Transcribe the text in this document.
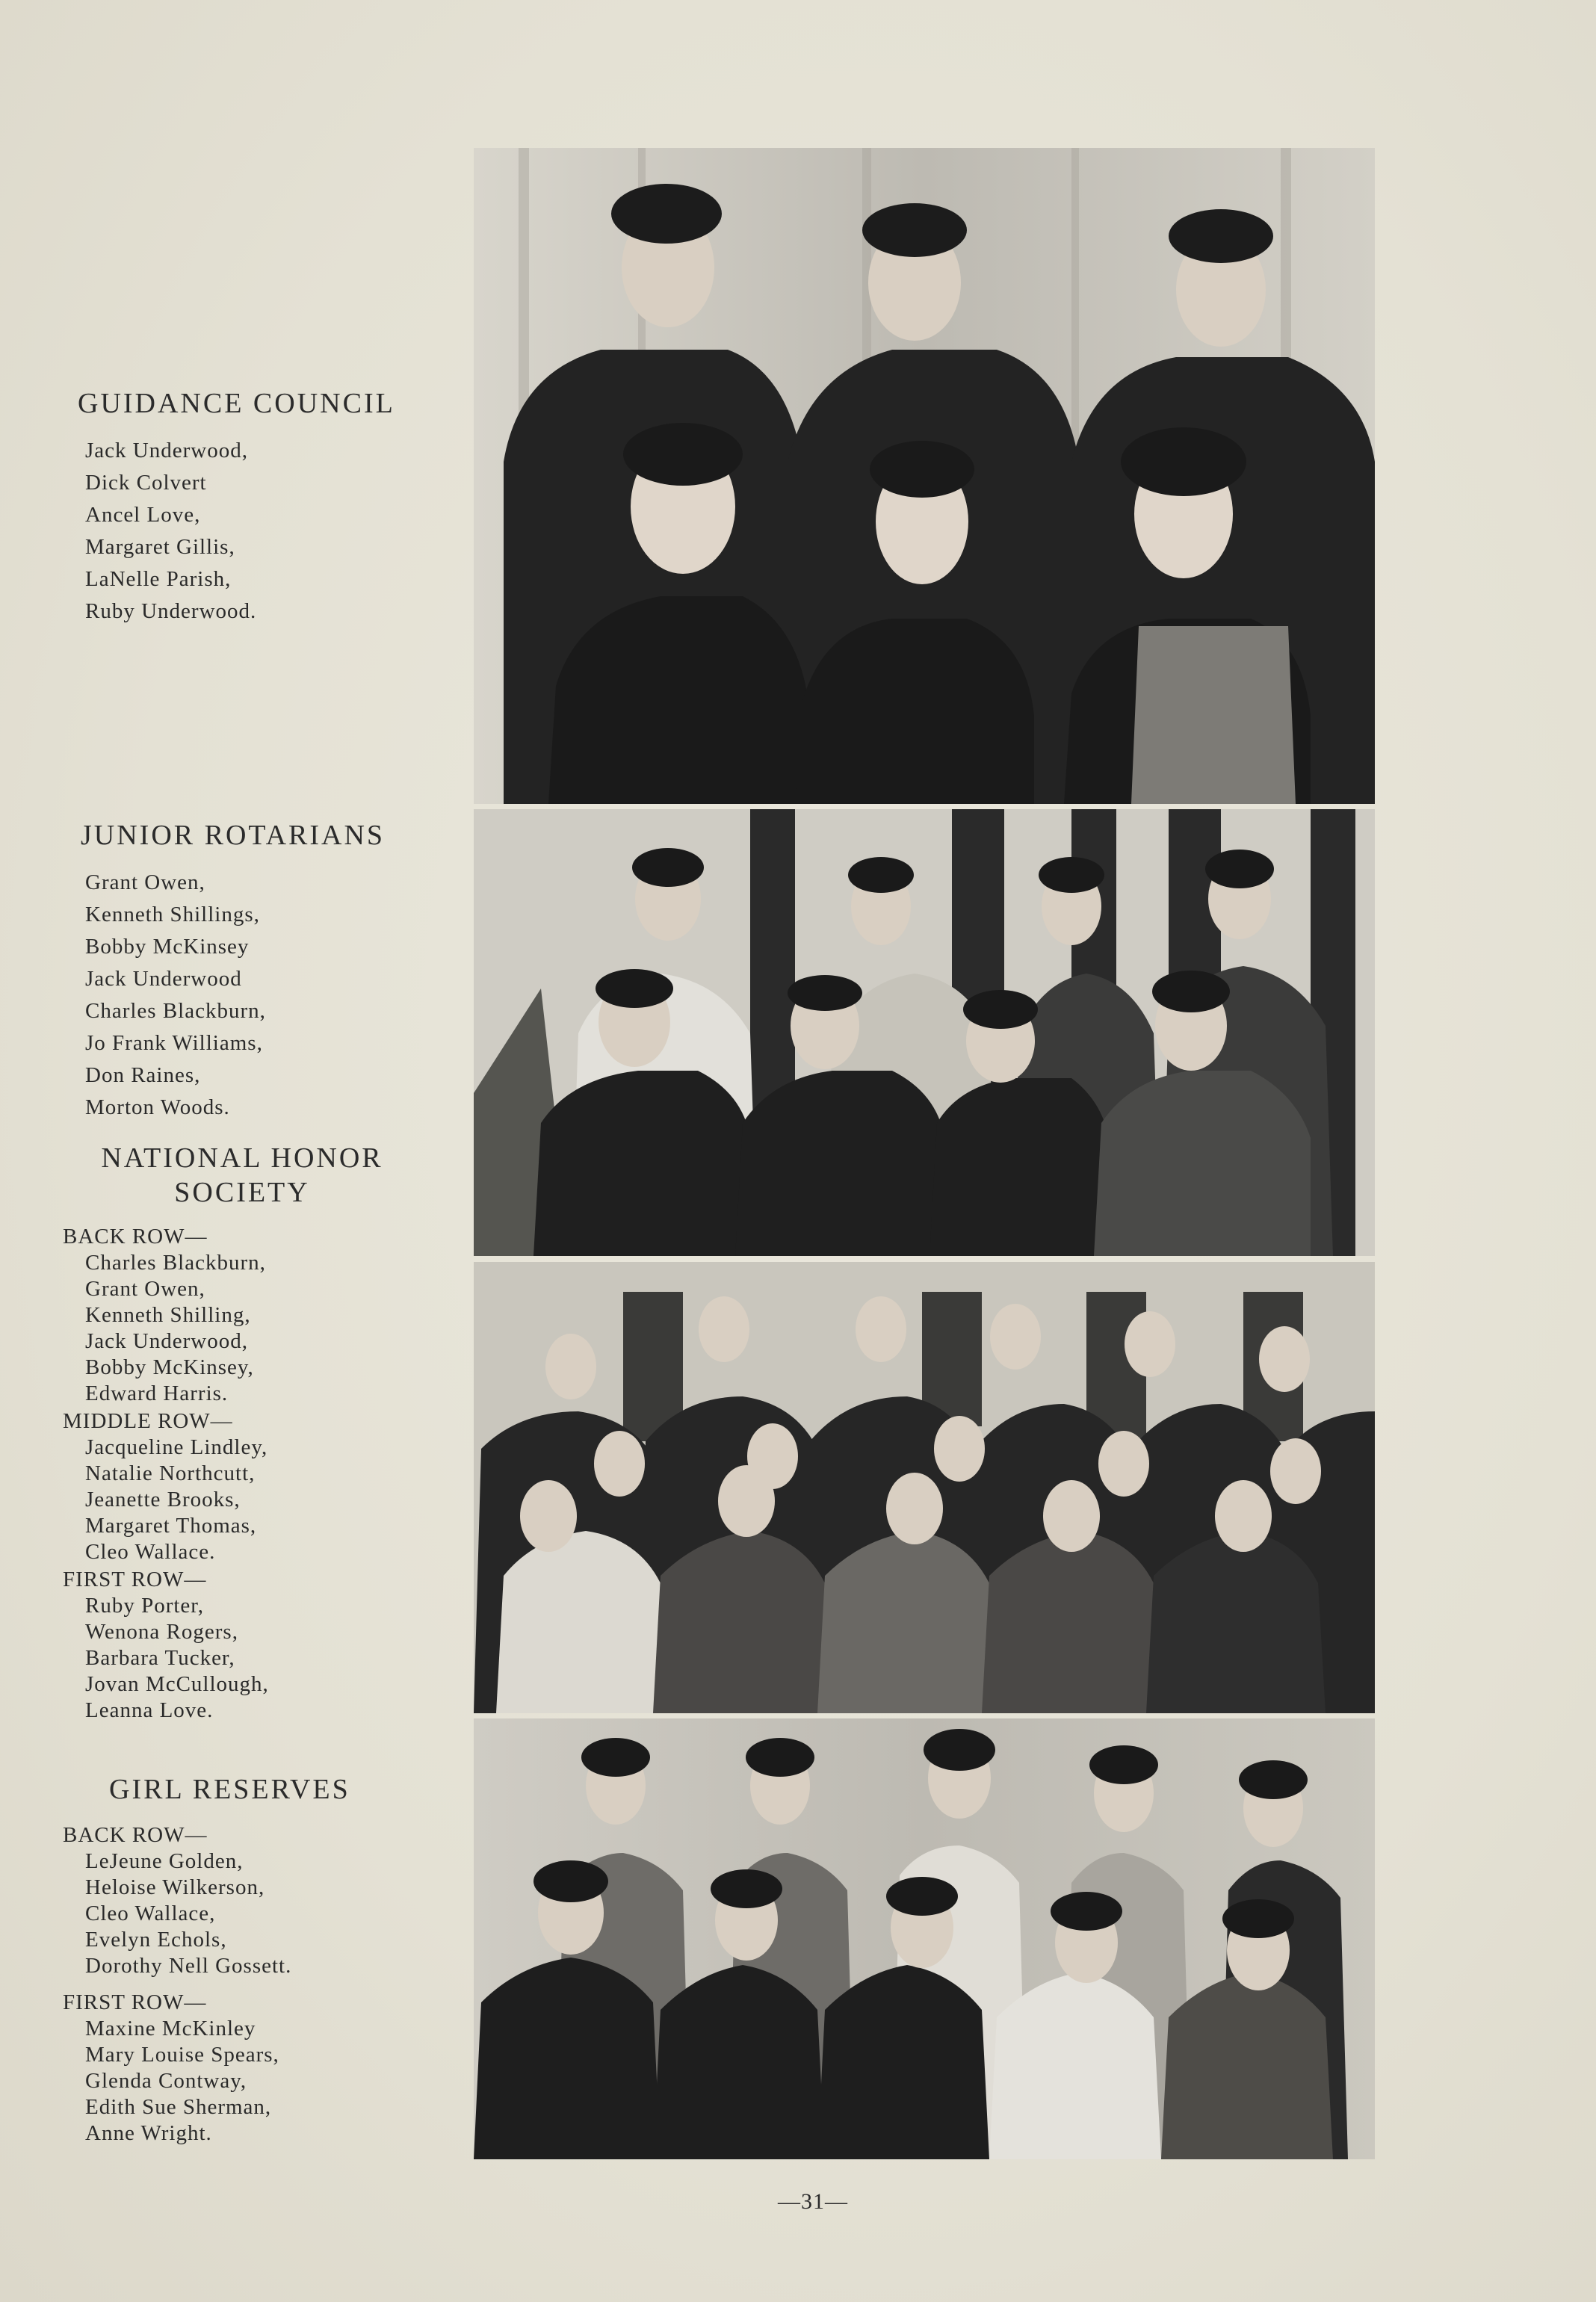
GUIDANCE COUNCIL
Jack Underwood,
Dick Colvert
Ancel Love,
Margaret Gillis,
LaNelle Parish,
Ruby Underwood.
JUNIOR ROTARIANS
Grant Owen,
Kenneth Shillings,
Bobby McKinsey
Jack Underwood
Charles Blackburn,
Jo Frank Williams,
Don Raines,
Morton Woods.
NATIONAL HONOR
SOCIETY
BACK ROW—
Charles Blackburn,
Grant Owen,
Kenneth Shilling,
Jack Underwood,
Bobby McKinsey,
Edward Harris.
MIDDLE ROW—
Jacqueline Lindley,
Natalie Northcutt,
Jeanette Brooks,
Margaret Thomas,
Cleo Wallace.
FIRST ROW—
Ruby Porter,
Wenona Rogers,
Barbara Tucker,
Jovan McCullough,
Leanna Love.
GIRL RESERVES
BACK ROW—
LeJeune Golden,
Heloise Wilkerson,
Cleo Wallace,
Evelyn Echols,
Dorothy Nell Gossett.
FIRST ROW—
Maxine McKinley
Mary Louise Spears,
Glenda Contway,
Edith Sue Sherman,
Anne Wright.
—31—
